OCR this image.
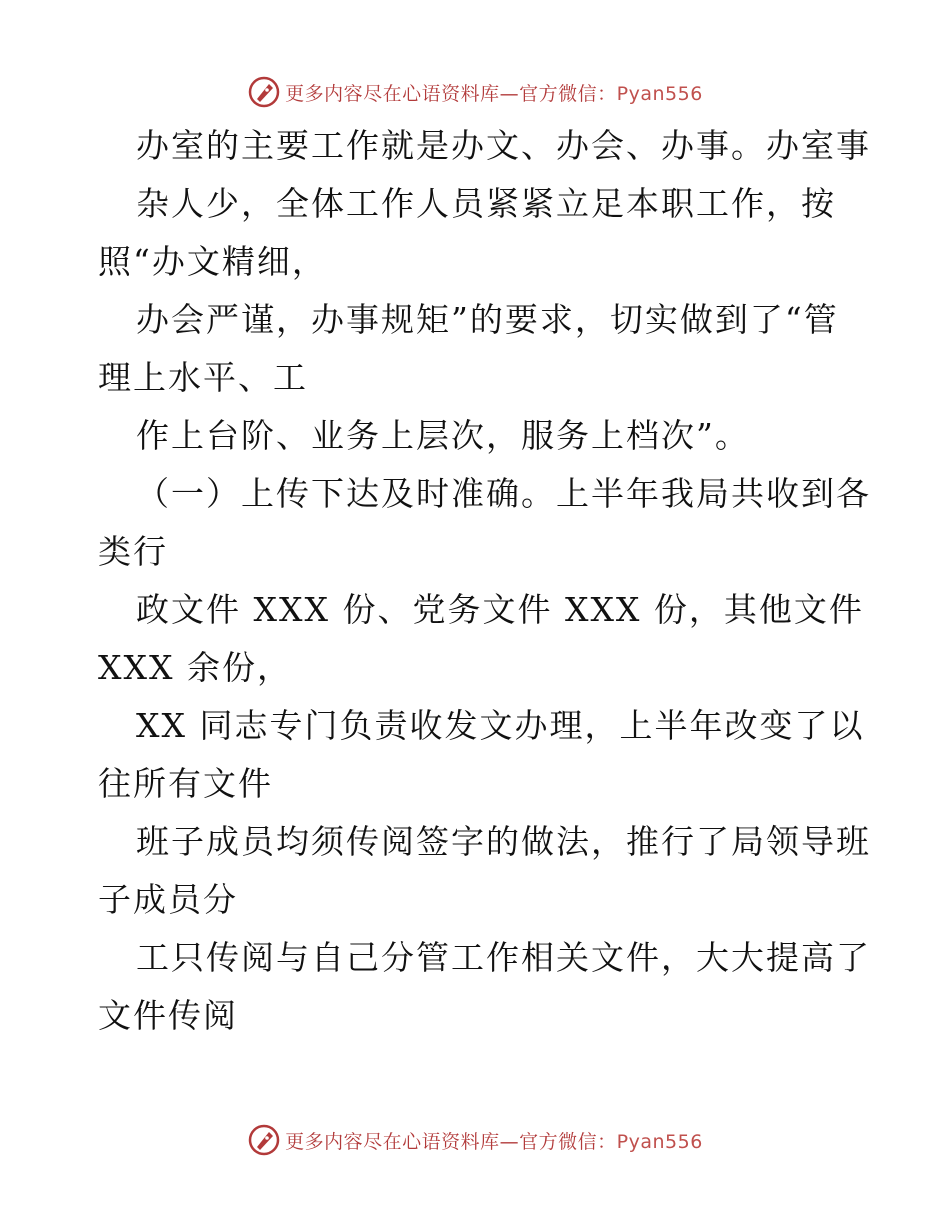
更多内容尽在心语资料库—官方微信：Pyan556
办室的主要工作就是办文、办会、办事。办室事
杂人少，全体工作人员紧紧立足本职工作，按
照“办文精细，
办会严谨，办事规矩”的要求，切实做到了“管
理上水平、工
作上台阶、业务上层次，服务上档次”。
（一）上传下达及时准确。上半年我局共收到各
类行
政文件 XXX 份、党务文件 XXX 份，其他文件
XXX 余份，
XX 同志专门负责收发文办理，上半年改变了以
往所有文件
班子成员均须传阅签字的做法，推行了局领导班
子成员分
工只传阅与自己分管工作相关文件，大大提高了
文件传阅
更多内容尽在心语资料库—官方微信：Pyan556
